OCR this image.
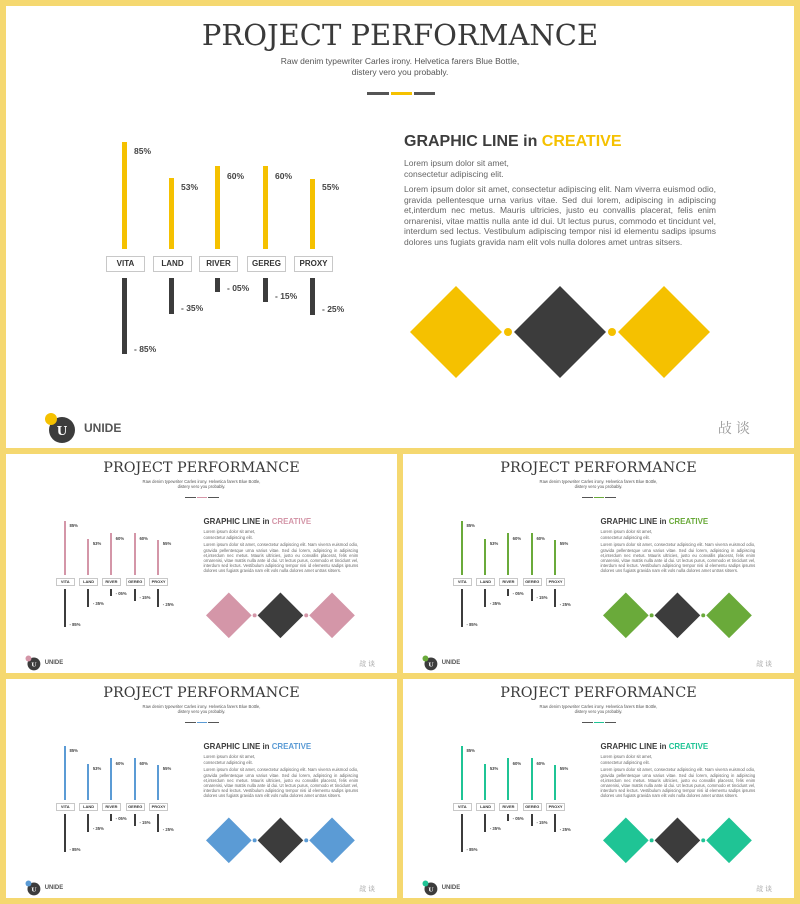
PROJECT PERFORMANCE
Raw denim typewriter Carles irony. Helvetica farers Blue Bottle,
distery vero you probably.
85%
VITA
- 85%
53%
LAND
- 35%
60%
RIVER
- 05%
60%
GEREG
- 15%
55%
PROXY
- 25%
GRAPHIC LINE in CREATIVE
Lorem ipsum dolor sit amet,
consectetur adipiscing elit.
Lorem ipsum dolor sit amet, consectetur adipiscing elit. Nam viverra euismod odio, gravida pellentesque urna varius vitae. Sed dui lorem, adipiscing in adipiscing et,interdum nec metus. Mauris ultricies, justo eu convallis placerat, felis enim ornarenisi, vitae mattis nulla ante id dui. Ut lectus purus, commodo et tincidunt vel, interdum sed lectus. Vestibulum adipiscing tempor nisi id elementu sadips ipsums dolores uns fugiats gravida nam elit vols nulla dolores amet untras sitsers.
U UNIDE	敁 谈
PROJECT PERFORMANCE
Raw denim typewriter Carles irony. Helvetica farers Blue Bottle,
distery vero you probably.
85%
VITA
- 85%
53%
LAND
- 35%
60%
RIVER
- 05%
60%
GEREG
- 15%
55%
PROXY
- 25%
GRAPHIC LINE in CREATIVE
Lorem ipsum dolor sit amet,
consectetur adipiscing elit.
Lorem ipsum dolor sit amet, consectetur adipiscing elit. Nam viverra euismod odio, gravida pellentesque urna varius vitae. Sed dui lorem, adipiscing in adipiscing et,interdum nec metus. Mauris ultricies, justo eu convallis placerat, felis enim ornarenisi, vitae mattis nulla ante id dui. Ut lectus purus, commodo et tincidunt vel, interdum sed lectus. Vestibulum adipiscing tempor nisi id elementu sadips ipsums dolores uns fugiats gravida nam elit vols nulla dolores amet untras sitsers.
U UNIDE	敁 谈
PROJECT PERFORMANCE
Raw denim typewriter Carles irony. Helvetica farers Blue Bottle,
distery vero you probably.
85%
VITA
- 85%
53%
LAND
- 35%
60%
RIVER
- 05%
60%
GEREG
- 15%
55%
PROXY
- 25%
GRAPHIC LINE in CREATIVE
Lorem ipsum dolor sit amet,
consectetur adipiscing elit.
Lorem ipsum dolor sit amet, consectetur adipiscing elit. Nam viverra euismod odio, gravida pellentesque urna varius vitae. Sed dui lorem, adipiscing in adipiscing et,interdum nec metus. Mauris ultricies, justo eu convallis placerat, felis enim ornarenisi, vitae mattis nulla ante id dui. Ut lectus purus, commodo et tincidunt vel, interdum sed lectus. Vestibulum adipiscing tempor nisi id elementu sadips ipsums dolores uns fugiats gravida nam elit vols nulla dolores amet untras sitsers.
U UNIDE	敁 谈
PROJECT PERFORMANCE
Raw denim typewriter Carles irony. Helvetica farers Blue Bottle,
distery vero you probably.
85%
VITA
- 85%
53%
LAND
- 35%
60%
RIVER
- 05%
60%
GEREG
- 15%
55%
PROXY
- 25%
GRAPHIC LINE in CREATIVE
Lorem ipsum dolor sit amet,
consectetur adipiscing elit.
Lorem ipsum dolor sit amet, consectetur adipiscing elit. Nam viverra euismod odio, gravida pellentesque urna varius vitae. Sed dui lorem, adipiscing in adipiscing et,interdum nec metus. Mauris ultricies, justo eu convallis placerat, felis enim ornarenisi, vitae mattis nulla ante id dui. Ut lectus purus, commodo et tincidunt vel, interdum sed lectus. Vestibulum adipiscing tempor nisi id elementu sadips ipsums dolores uns fugiats gravida nam elit vols nulla dolores amet untras sitsers.
U UNIDE	敁 谈
PROJECT PERFORMANCE
Raw denim typewriter Carles irony. Helvetica farers Blue Bottle,
distery vero you probably.
85%
VITA
- 85%
53%
LAND
- 35%
60%
RIVER
- 05%
60%
GEREG
- 15%
55%
PROXY
- 25%
GRAPHIC LINE in CREATIVE
Lorem ipsum dolor sit amet,
consectetur adipiscing elit.
Lorem ipsum dolor sit amet, consectetur adipiscing elit. Nam viverra euismod odio, gravida pellentesque urna varius vitae. Sed dui lorem, adipiscing in adipiscing et,interdum nec metus. Mauris ultricies, justo eu convallis placerat, felis enim ornarenisi, vitae mattis nulla ante id dui. Ut lectus purus, commodo et tincidunt vel, interdum sed lectus. Vestibulum adipiscing tempor nisi id elementu sadips ipsums dolores uns fugiats gravida nam elit vols nulla dolores amet untras sitsers.
U UNIDE	敁 谈
